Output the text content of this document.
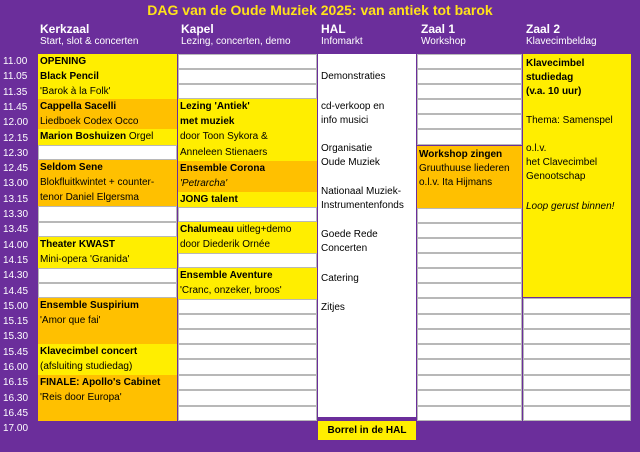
DAG van de Oude Muziek 2025: van antiek tot barok
Kerkzaal
Start, slot & concerten
Kapel
Lezing, concerten, demo
HAL
Infomarkt
Zaal 1
Workshop
Zaal 2
Klavecimbeldag
11.00
11.05
11.35
11.45
12.00
12.15
12.30
12.45
13.00
13.15
13.30
13.45
14.00
14.15
14.30
14.45
15.00
15.15
15.30
15.45
16.00
16.15
16.30
16.45
17.00
OPENING
Black Pencil
'Barok à la Folk'
Cappella Sacelli
Liedboek Codex Occo
Marion Boshuizen Orgel
Seldom Sene
Blokfluitkwintet + counter-
tenor Daniel Elgersma
Theater KWAST
Mini-opera 'Granida'
Ensemble Suspirium
'Amor que fai'
Klavecimbel concert
(afsluiting studiedag)
FINALE: Apollo's Cabinet
'Reis door Europa'
Lezing 'Antiek'
met muziek
door Toon Sykora &
Anneleen Stienaers
Ensemble Corona
'Petrarcha'
JONG talent
Chalumeau uitleg+demo
door Diederik Ornée
Ensemble Aventure
'Cranc, onzeker, broos'
Demonstraties
cd-verkoop en
info musici
Organisatie
Oude Muziek
Nationaal Muziek-
Instrumentenfonds
Goede Rede
Concerten
Catering
Zitjes
Borrel in de HAL
Workshop zingen
Gruuthuuse liederen
o.l.v. Ita Hijmans
Klavecimbel
studiedag
(v.a. 10 uur)
Thema: Samenspel
o.l.v.
het Clavecimbel
Genootschap
Loop gerust binnen!
